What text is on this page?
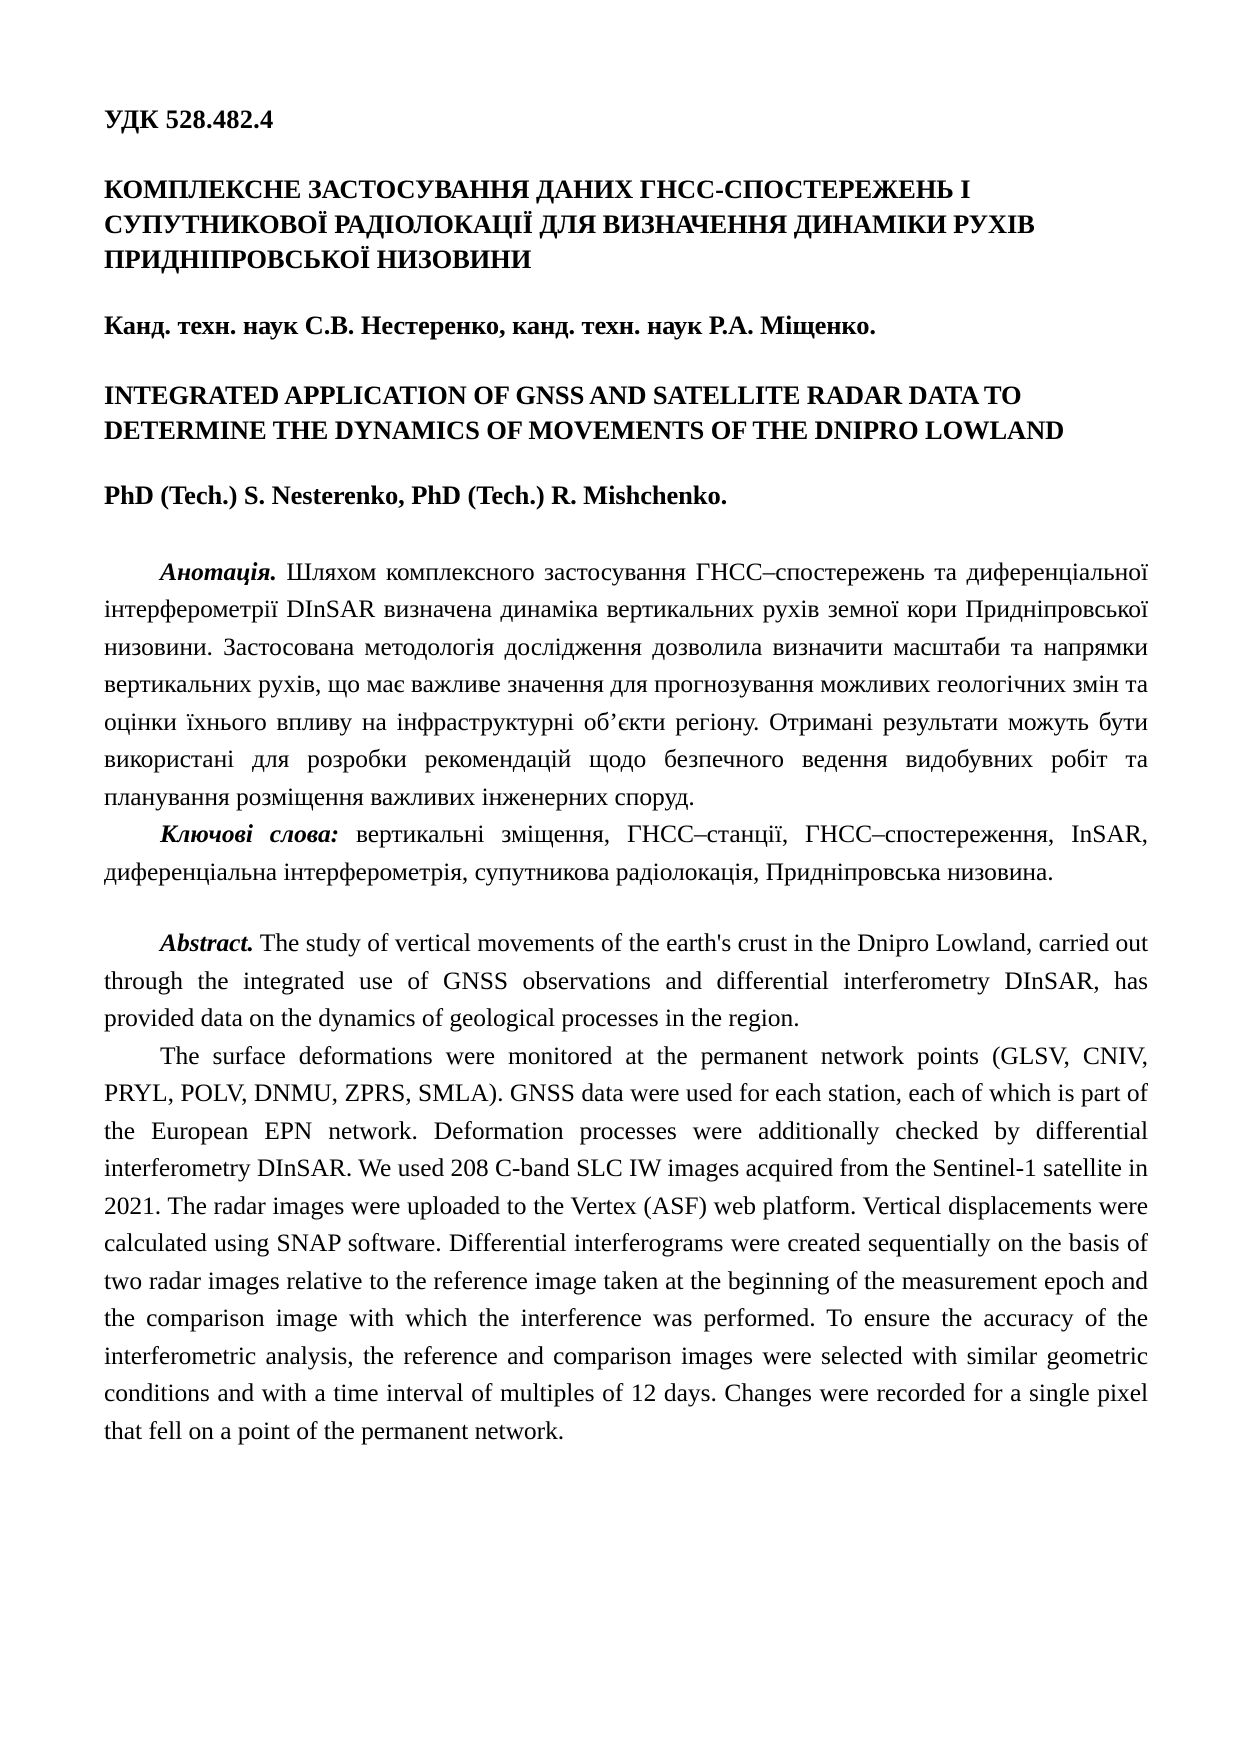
УДК 528.482.4
КОМПЛЕКСНЕ ЗАСТОСУВАННЯ ДАНИХ ГНСС-СПОСТЕРЕЖЕНЬ І СУПУТНИКОВОЇ РАДІОЛОКАЦІЇ ДЛЯ ВИЗНАЧЕННЯ ДИНАМІКИ РУХІВ ПРИДНІПРОВСЬКОЇ НИЗОВИНИ
Канд. техн. наук С.В. Нестеренко, канд. техн. наук Р.А. Міщенко.
INTEGRATED APPLICATION OF GNSS AND SATELLITE RADAR DATA TO DETERMINE THE DYNAMICS OF MOVEMENTS OF THE DNIPRO LOWLAND
PhD (Tech.) S. Nesterenko, PhD (Tech.) R. Mishchenko.

Анотація. Шляхом комплексного застосування ГНСС–спостережень та диференціальної інтерферометрії DInSAR визначена динаміка вертикальних рухів земної кори Придніпровської низовини. Застосована методологія дослідження дозволила визначити масштаби та напрямки вертикальних рухів, що має важливе значення для прогнозування можливих геологічних змін та оцінки їхнього впливу на інфраструктурні об’єкти регіону. Отримані результати можуть бути використані для розробки рекомендацій щодо безпечного ведення видобувних робіт та планування розміщення важливих інженерних споруд.

Ключові слова: вертикальні зміщення, ГНСС–станції, ГНСС–спостереження, InSAR, диференціальна інтерферометрія, супутникова радіолокація, Придніпровська низовина.

Abstract. The study of vertical movements of the earth's crust in the Dnipro Lowland, carried out through the integrated use of GNSS observations and differential interferometry DInSAR, has provided data on the dynamics of geological processes in the region.

The surface deformations were monitored at the permanent network points (GLSV, CNIV, PRYL, POLV, DNMU, ZPRS, SMLA). GNSS data were used for each station, each of which is part of the European EPN network. Deformation processes were additionally checked by differential interferometry DInSAR. We used 208 C-band SLC IW images acquired from the Sentinel-1 satellite in 2021. The radar images were uploaded to the Vertex (ASF) web platform. Vertical displacements were calculated using SNAP software. Differential interferograms were created sequentially on the basis of two radar images relative to the reference image taken at the beginning of the measurement epoch and the comparison image with which the interference was performed. To ensure the accuracy of the interferometric analysis, the reference and comparison images were selected with similar geometric conditions and with a time interval of multiples of 12 days. Changes were recorded for a single pixel that fell on a point of the permanent network.
